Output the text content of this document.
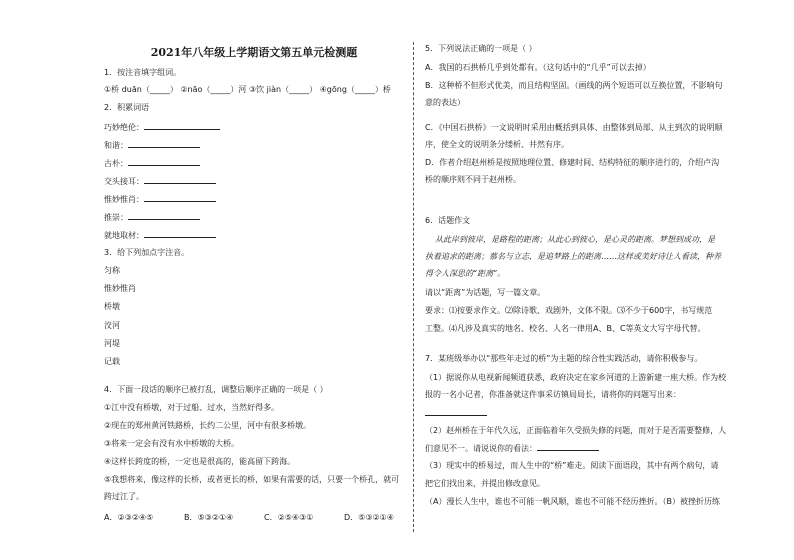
2021年八年级上学期语文第五单元检测题
1．按注音填字组词。
①桥 duān（_____） ②nāo（_____）河 ③饮 jiàn（_____） ④gōng（_____）桥
2．积累词语
巧妙绝伦：
和谐：
古朴：
交头接耳：
惟妙惟肖：
推崇：
就地取材：
3．给下列加点字注音。
匀称
惟妙惟肖
桥墩
洨河
河堤
记载
4．下面一段话的顺序已被打乱，调整后顺序正确的一项是（ ）
①江中没有桥墩，对于过船、过水，当然好得多。
②现在的郑州黄河铁路桥，长约二公里，河中有很多桥墩。
③将来一定会有没有水中桥墩的大桥。
④这样长跨度的桥，一定也是很高的，能高留下跨海。
⑤我想将来，像这样的长桥，或者更长的桥，如果有需要的话，只要一个桥孔，就可
跨过江了。
A．②③②④⑤	B．⑤③②①④	C．②⑤④③①	D．⑤③②①④
5．下列说法正确的一项是（ ）
A．我国的石拱桥几乎到处都有。（这句话中的“几乎”可以去掉）
B．这种桥不但形式优美，而且结构坚固。（画线的两个短语可以互换位置，不影响句
意的表达）
C．《中国石拱桥》一文说明时采用由概括到具体、由整体到局部、从主到次的说明顺
序，使全文的说明条分缕析、井然有序。
D．作者介绍赵州桥是按照地理位置、修建时间、结构特征的顺序进行的，介绍卢沟
桥的顺序则不同于赵州桥。
6．话题作文
从此岸到彼岸，是路程的距离；从此心到彼心，是心灵的距离。梦想到成功，是
执着追求的距离；慕名与立志，是追梦路上的距离……这样或美好诗让人看读，种养
得令人深思的“距离”。
请以“距离”为话题，写一篇文章。
要求：⑴按要求作文。⑵除诗歌、戏剧外，文体不限。⑶不少于600字，书写规范
工整。⑷凡涉及真实的地名、校名、人名一律用A、B、C等英文大写字母代替。
7．某班级举办以“那些年走过的桥”为主题的综合性实践活动，请你积极参与。
（1）据说你从电视新闻频道获悉，政府决定在家乡河道的上游新建一座大桥。作为校
报的一名小记者，你准备就这件事采访镇局局长，请将你的问题写出来：
（2）赵州桥在于年代久远，正面临着年久受损失修的问题，而对于是否需要整修，人
们意见不一。请说说你的看法：
（3）现实中的桥易过，而人生中的“桥”难走。阅读下面语段，其中有两个病句，请
把它们找出来，并提出修改意见。
（A）漫长人生中，谁也不可能一帆风顺，谁也不可能不经历挫折。（B）被挫折历练
